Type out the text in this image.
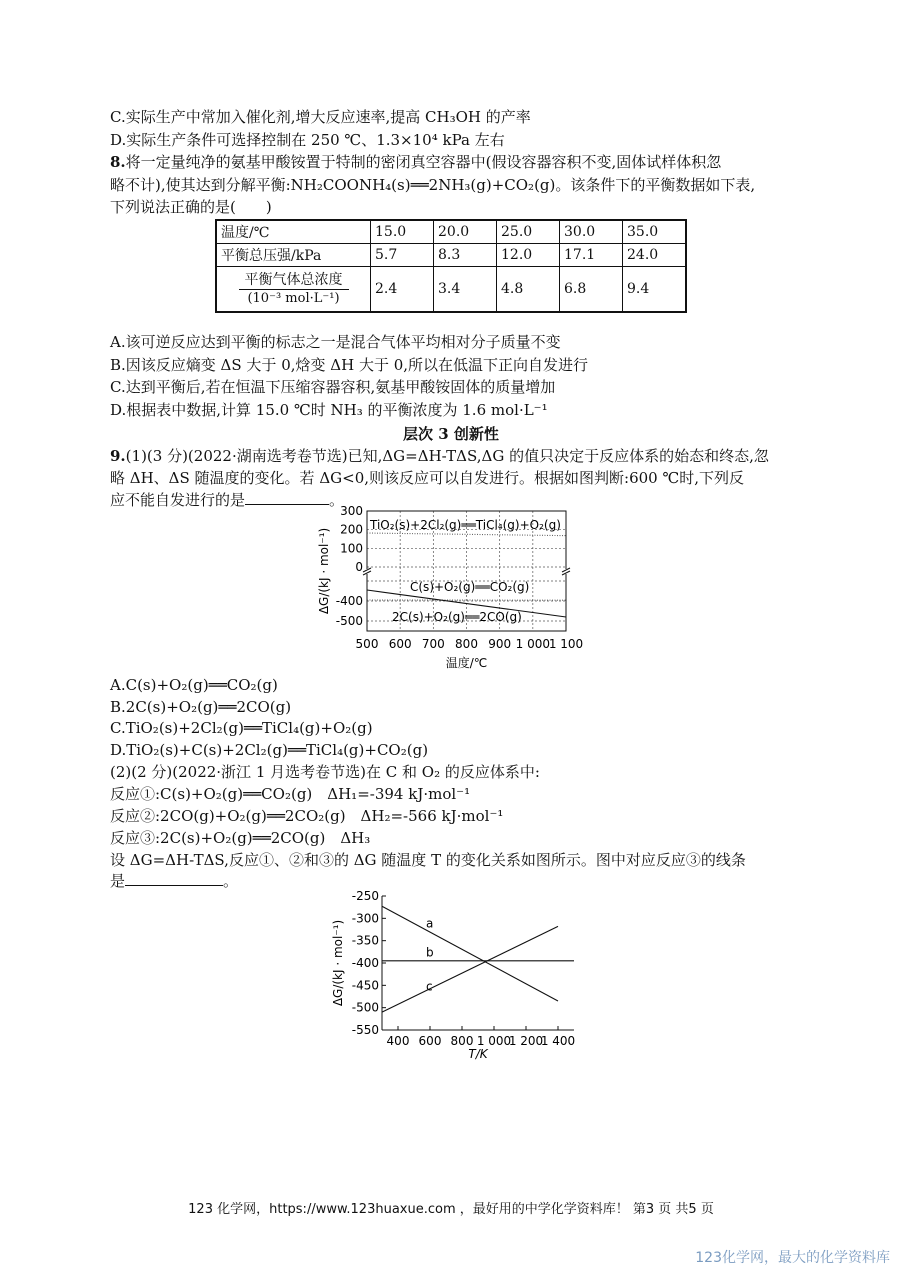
C.实际生产中常加入催化剂,增大反应速率,提高 CH₃OH 的产率
D.实际生产条件可选择控制在 250 ℃、1.3×10⁴ kPa 左右
8.将一定量纯净的氨基甲酸铵置于特制的密闭真空容器中(假设容器容积不变,固体试样体积忽
略不计),使其达到分解平衡:NH₂COONH₄(s)══2NH₃(g)+CO₂(g)。该条件下的平衡数据如下表,
下列说法正确的是(　　)
温度/℃	15.0	20.0	25.0	30.0	35.0
平衡总压强/kPa	5.7	8.3	12.0	17.1	24.0

$\frac{\text{平衡气体总浓度}}{\text{(10⁻³ mol·L⁻¹)}}$	2.4	3.4	4.8	6.8	9.4
A.该可逆反应达到平衡的标志之一是混合气体平均相对分子质量不变
B.因该反应熵变 ΔS 大于 0,焓变 ΔH 大于 0,所以在低温下正向自发进行
C.达到平衡后,若在恒温下压缩容器容积,氨基甲酸铵固体的质量增加
D.根据表中数据,计算 15.0 ℃时 NH₃ 的平衡浓度为 1.6 mol·L⁻¹
层次 3 创新性
9.(1)(3 分)(2022·湖南选考卷节选)已知,ΔG=ΔH-TΔS,ΔG 的值只决定于反应体系的始态和终态,忽
略 ΔH、ΔS 随温度的变化。若 ΔG<0,则该反应可以自发进行。根据如图判断:600 ℃时,下列反
应不能自发进行的是	。
300
200
100
0
-400
-500
500 600 700 800 900 1 000
1 100
TiO₂(s)+2Cl₂(g)══TiCl₄(g)+O₂(g)
C(s)+O₂(g)══CO₂(g)
2C(s)+O₂(g)══2CO(g)
温度/℃
ΔG/(kJ · mol⁻¹)
A.C(s)+O₂(g)══CO₂(g)
B.2C(s)+O₂(g)══2CO(g)
C.TiO₂(s)+2Cl₂(g)══TiCl₄(g)+O₂(g)
D.TiO₂(s)+C(s)+2Cl₂(g)══TiCl₄(g)+CO₂(g)
(2)(2 分)(2022·浙江 1 月选考卷节选)在 C 和 O₂ 的反应体系中:
反应①:C(s)+O₂(g)══CO₂(g)　ΔH₁=-394 kJ·mol⁻¹
反应②:2CO(g)+O₂(g)══2CO₂(g)　ΔH₂=-566 kJ·mol⁻¹
反应③:2C(s)+O₂(g)══2CO(g)　ΔH₃
设 ΔG=ΔH-TΔS,反应①、②和③的 ΔG 随温度 T 的变化关系如图所示。图中对应反应③的线条
是	。
-250
-300
-350
-400
-450
-500
-550
400 600 800 1 000
1 200
1 400
a
b
c
T/K
ΔG/(kJ · mol⁻¹)
123 化学网，https://www.123huaxue.com ，最好用的中学化学资料库！ 第3 页 共5 页
123化学网，最大的化学资料库
